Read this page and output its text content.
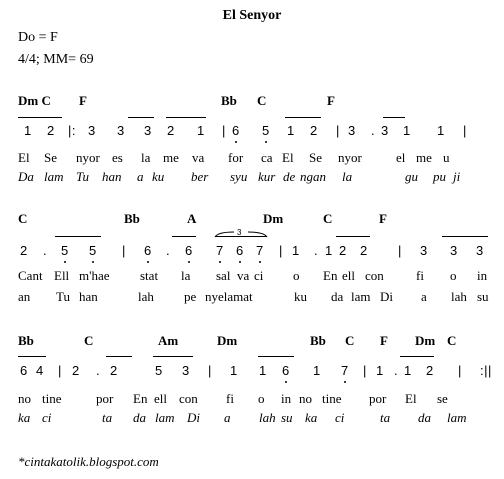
El Senyor
Do = F
4/4; MM= 69
Dm C F	Bb C	F
1 2 |: 3 3 3 2 1 | 6 5 1 2 | 3 . 3 1 1 |
El Se nyor es la me va for ca El Se nyor	el me u
Da lam Tu han a ku ber syu kur de ngan la	gu pu ji
C	Bb	A	Dm	C	F
3
2 . 5 5 | 6 . 6 7 6 7 | 1 . 1 2 2 | 3 3 3
Cant Ell m'hae stat la sal va ci o En ell con fi o in
an Tu han	lah pe nyelamat	ku da lam Di a lah su
Bb	C	Am	Dm	Bb C F Dm C
6 4 | 2 . 2	5 3 | 1 1 6 1 7 | 1 . 1 2 | :||
no tine	por En ell con fi o in no tine por El se
ka ci	ta da lam Di a lah su ka ci	ta da lam
*cintakatolik.blogspot.com
